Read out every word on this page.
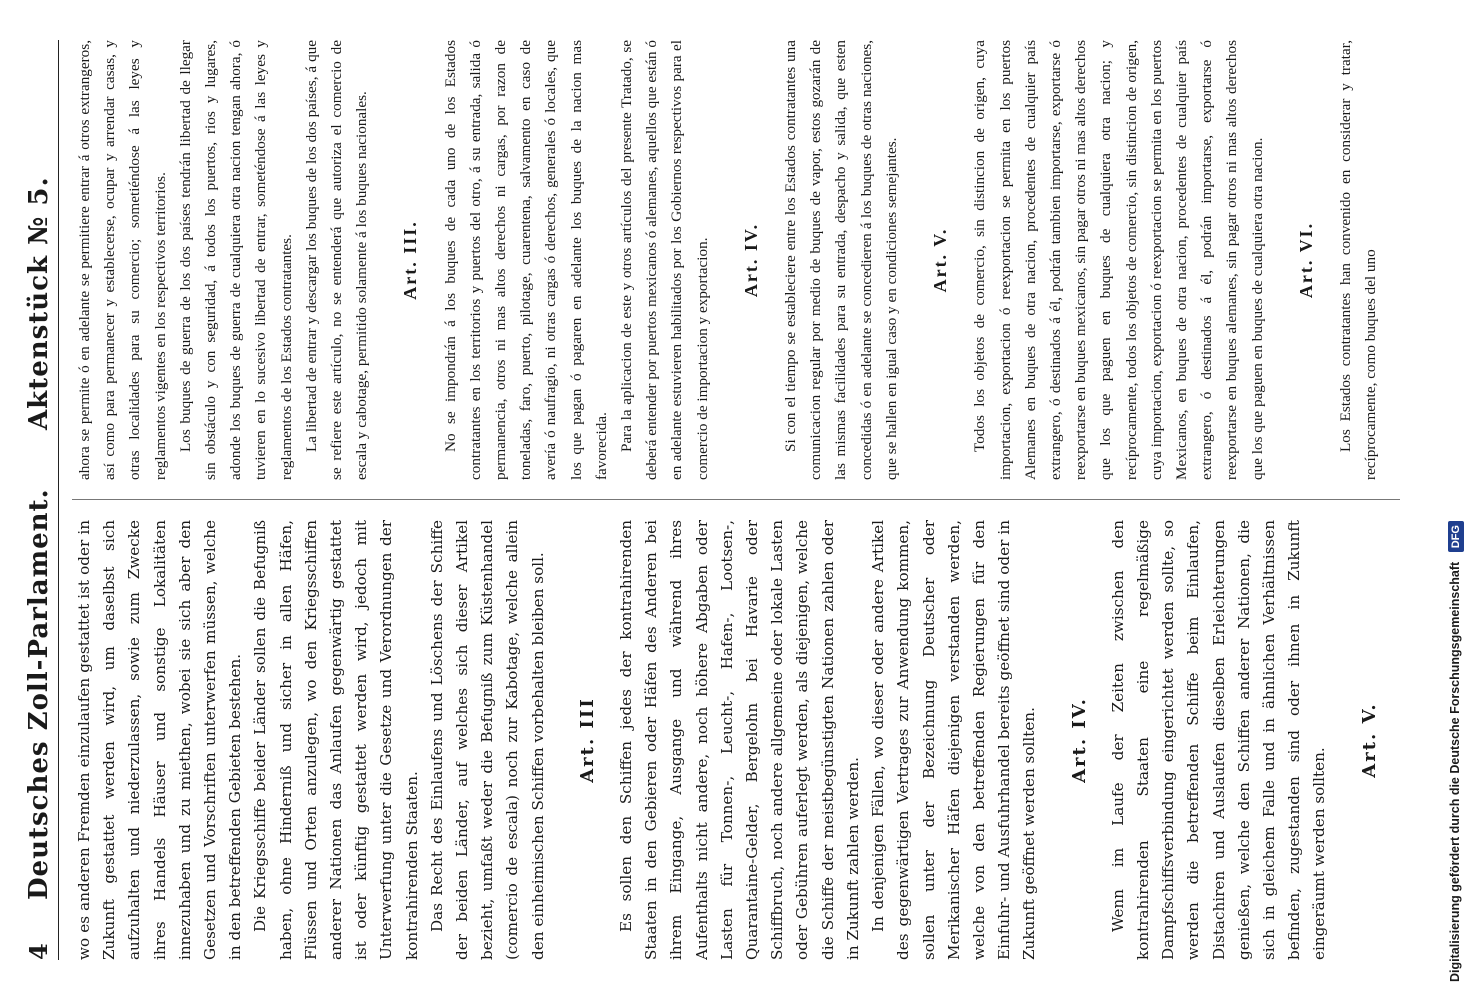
4
Deutsches Zoll-Parlament.
Aktenstück № 5.

wo es anderen Fremden einzulaufen gestattet ist oder in Zukunft gestattet werden wird, um daselbst sich aufzuhalten und niederzulassen, sowie zum Zwecke ihres Handels Häuser und sonstige Lokalitäten innezuhaben und zu miethen, wobei sie sich aber den Gesetzen und Vorschriften unterwerfen müssen, welche in den betreffenden Gebieten bestehen. Die Kriegsschiffe beider Länder sollen die Befugniß haben, ohne Hinderniß und sicher in allen Häfen, Flüssen und Orten anzulegen, wo den Kriegsschiffen anderer Nationen das Anlaufen gegenwärtig gestattet ist oder künftig gestattet werden wird, jedoch mit Unterwerfung unter die Gesetze und Verordnungen der kontrahirenden Staaten. Das Recht des Einlaufens und Löschens der Schiffe der beiden Länder, auf welches sich dieser Artikel bezieht, umfaßt weder die Befugniß zum Küstenhandel (comercio de escala) noch zur Kabotage, welche allein den einheimischen Schiffen vorbehalten bleiben soll. Art. III Es sollen den Schiffen jedes der kontrahirenden Staaten in den Gebieren oder Häfen des Anderen bei ihrem Eingange, Ausgange und während ihres Aufenthalts nicht andere, noch höhere Abgaben oder Lasten für Tonnen-, Leucht-, Hafen-, Lootsen-, Quarantaine-Gelder, Bergelohn bei Havarie oder Schiffbruch, noch andere allgemeine oder lokale Lasten oder Gebühren auferlegt werden, als diejenigen, welche die Schiffe der meistbegünstigten Nationen zahlen oder in Zukunft zahlen werden. In denjenigen Fällen, wo dieser oder andere Artikel des gegenwärtigen Vertrages zur Anwendung kommen, sollen unter der Bezeichnung Deutscher oder Merikanischer Häfen diejenigen verstanden werden, welche von den betreffenden Regierungen für den Einfuhr- und Ausfuhrhandel bereits geöffnet sind oder in Zukunft geöffnet werden sollten. Art. IV. Wenn im Laufe der Zeiten zwischen den kontrahirenden Staaten eine regelmäßige Dampfschiffsverbindung eingerichtet werden sollte, so werden die betreffenden Schiffe beim Einlaufen, Distachiren und Auslaufen dieselben Erleichterungen genießen, welche den Schiffen anderer Nationen, die sich in gleichem Falle und in ähnlichen Verhältnissen befinden, zugestanden sind oder ihnen in Zukunft eingeräumt werden sollten.

Art. V.

ahora se permite ó en adelante se permitiere entrar á otros extrangeros, así como para permanecer y establecerse, ocupar y arrendar casas, y otras localidades para su comercio; sometiéndose á las leyes y reglamentos vigentes en los respectivos territorios. Los buques de guerra de los dos países tendrán libertad de llegar sin obstáculo y con seguridad, á todos los puertos, rios y lugares, adonde los buques de guerra de cualquiera otra nacion tengan ahora, ó tuvieren en lo sucesivo libertad de entrar, someténdose á las leyes y reglamentos de los Estados contratantes. La libertad de entrar y descargar los buques de los dos países, á que se refiere este artículo, no se entenderá que autoriza el comercio de escala y cabotage, permitido solamente á los buques nacionales. Art. III. No se impondrán á los buques de cada uno de los Estados contratantes en los territorios y puertos del otro, á su entrada, salida ó permanencia, otros ni mas altos derechos ni cargas, por razon de toneladas, faro, puerto, pilotage, cuarentena, salvamento en caso de avería ó naufragio, ni otras cargas ó derechos, generales ó locales, que los que pagan ó pagaren en adelante los buques de la nacion mas favorecida. Para la aplicacion de este y otros artículos del presente Tratado, se deberá entender por puertos mexicanos ó alemanes, aquellos que están ó en adelante estuvieren habilitados por los Gobiernos respectivos para el comercio de importacion y exportacion. Art. IV. Si con el tiempo se estableciere entre los Estados contratantes una comunicacion regular por medio de buques de vapor, estos gozarán de las mismas facilidades para su entrada, despacho y salida, que esten concedidas ó en adelante se concedieren á los buques de otras naciones, que se hallen en igual caso y en condiciones semejantes. Art. V. Todos los objetos de comercio, sin distincion de origen, cuya importacion, exportacion ó reexportacion se permita en los puertos Alemanes en buques de otra nacion, procedentes de cualquier país extrangero, ó destinados á él, podrán tambien importarse, exportarse ó reexportarse en buques mexicanos, sin pagar otros ni mas altos derechos que los que paguen en buques de cualquiera otra nacion; y recíprocamente, todos los objetos de comercio, sin distincion de origen, cuya importacion, exportacion ó reexportacion se permita en los puertos Mexicanos, en buques de otra nacion, procedentes de cualquier país extrangero, ó destinados á él, podrán importarse, exportarse ó reexportarse en buques alemanes, sin pagar otros ni mas altos derechos que los que paguen en buques de cualquiera otra nacion. Art. VI. Los Estados contratantes han convenido en considerar y tratar, recíprocamente, como buques del uno

Digitalisierung gefördert durch die Deutsche Forschungsgemeinschaft DFG
